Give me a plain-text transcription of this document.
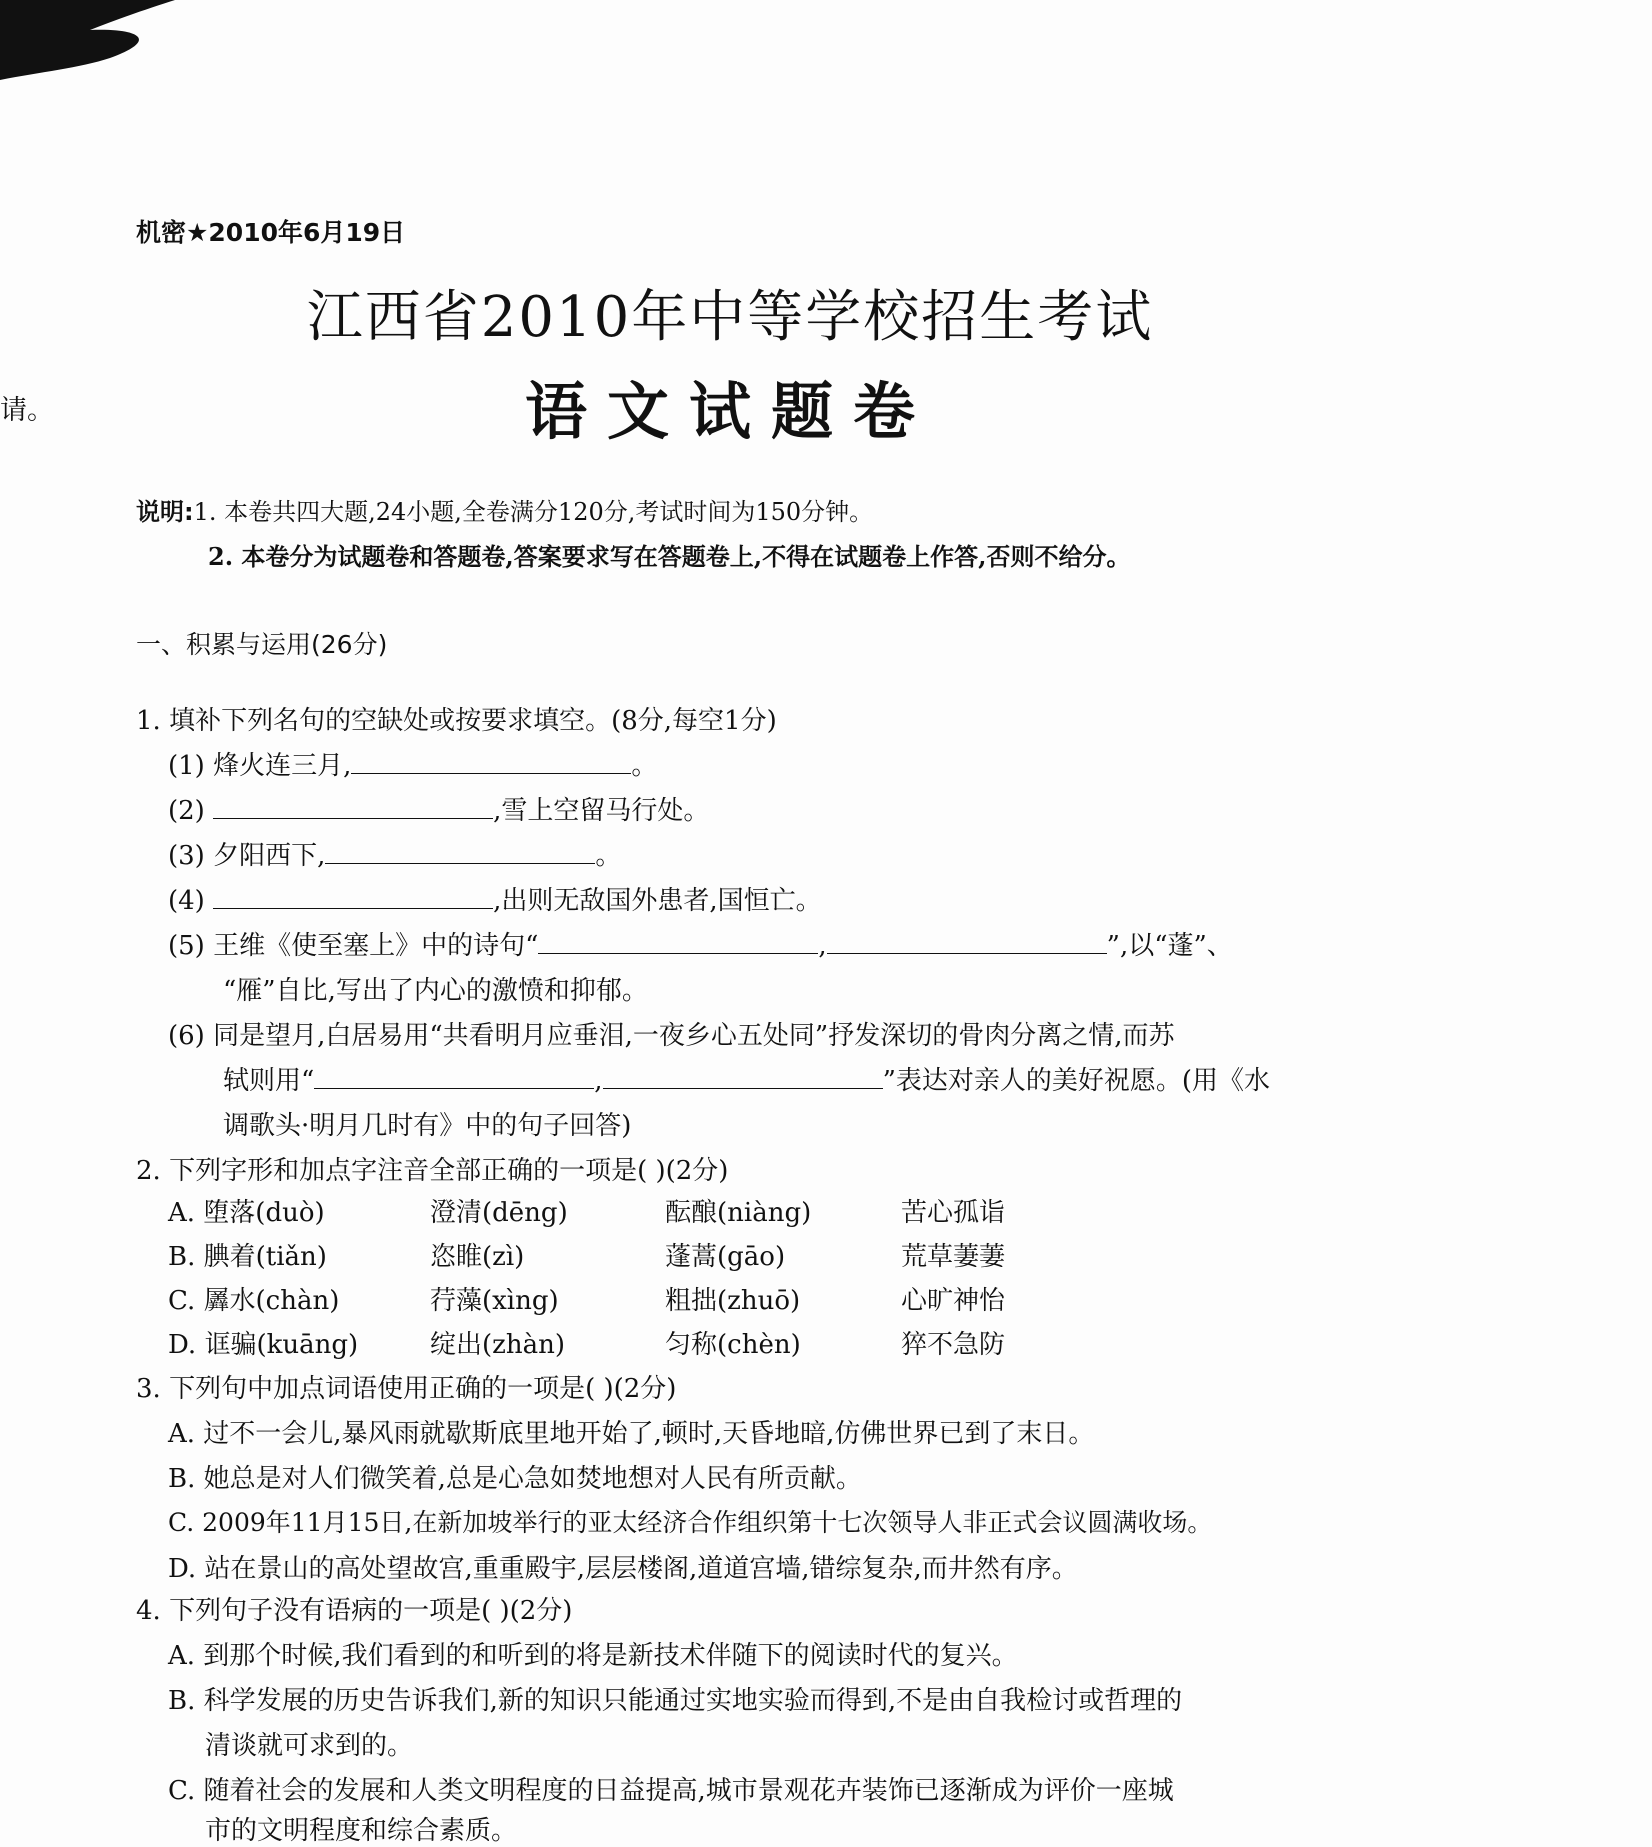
请。
机密★2010年6月19日
江西省2010年中等学校招生考试
语文试题卷
说明:1. 本卷共四大题,24小题,全卷满分120分,考试时间为150分钟。
2. 本卷分为试题卷和答题卷,答案要求写在答题卷上,不得在试题卷上作答,否则不给分。
一、积累与运用(26分)
1. 填补下列名句的空缺处或按要求填空。(8分,每空1分)
(1) 烽火连三月,	。
(2)	,雪上空留马行处。
(3) 夕阳西下,	。
(4)	,出则无敌国外患者,国恒亡。
(5) 王维《使至塞上》中的诗句“	,	”,以“蓬”、
“雁”自比,写出了内心的激愤和抑郁。
(6) 同是望月,白居易用“共看明月应垂泪,一夜乡心五处同”抒发深切的骨肉分离之情,而苏
轼则用“	,	”表达对亲人的美好祝愿。(用《水
调歌头·明月几时有》中的句子回答)
2. 下列字形和加点字注音全部正确的一项是( )(2分)
A. 堕落(duò)	澄清(dēng)	酝酿(niàng)	苦心孤诣
B. 腆着(tiǎn)	恣睢(zì)	蓬蒿(gāo)	荒草萋萋
C. 羼水(chàn)	荇藻(xìng)	粗拙(zhuō)	心旷神怡
D. 诓骗(kuāng)	绽出(zhàn)	匀称(chèn)	猝不急防
3. 下列句中加点词语使用正确的一项是( )(2分)
A. 过不一会儿,暴风雨就歇斯底里地开始了,顿时,天昏地暗,仿佛世界已到了末日。
B. 她总是对人们微笑着,总是心急如焚地想对人民有所贡献。
C. 2009年11月15日,在新加坡举行的亚太经济合作组织第十七次领导人非正式会议圆满收场。
D. 站在景山的高处望故宫,重重殿宇,层层楼阁,道道宫墙,错综复杂,而井然有序。
4. 下列句子没有语病的一项是( )(2分)
A. 到那个时候,我们看到的和听到的将是新技术伴随下的阅读时代的复兴。
B. 科学发展的历史告诉我们,新的知识只能通过实地实验而得到,不是由自我检讨或哲理的
清谈就可求到的。
C. 随着社会的发展和人类文明程度的日益提高,城市景观花卉装饰已逐渐成为评价一座城
市的文明程度和综合素质。
